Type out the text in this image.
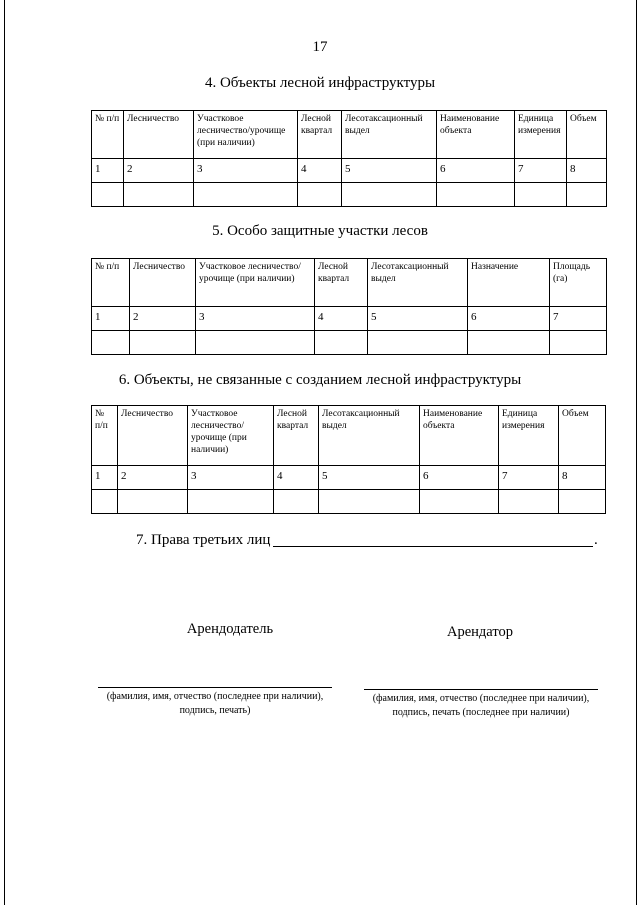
17
4. Объекты лесной инфраструктуры
№ п/п	Лесничество	Участковое лесничество/урочище (при наличии)	Лесной квартал	Лесотаксационный выдел	Наименование объекта	Единица измерения	Объем
1	2	3	4	5	6	7	8

5. Особо защитные участки лесов
№ п/п	Лесничество	Участковое лесничество/урочище (при наличии)	Лесной квартал	Лесотаксационный выдел	Назначение	Площадь (га)
1	2	3	4	5	6	7

6. Объекты, не связанные с созданием лесной инфраструктуры
№ п/п	Лесничество	Участковое лесничество/ урочище (при наличии)	Лесной квартал	Лесотаксационный выдел	Наименование объекта	Единица измерения	Объем
1	2	3	4	5	6	7	8

7. Права третьих лиц	.
Арендодатель	Арендатор
(фамилия, имя, отчество (последнее при наличии),
подпись, печать)
(фамилия, имя, отчество (последнее при наличии),
подпись, печать (последнее при наличии)
